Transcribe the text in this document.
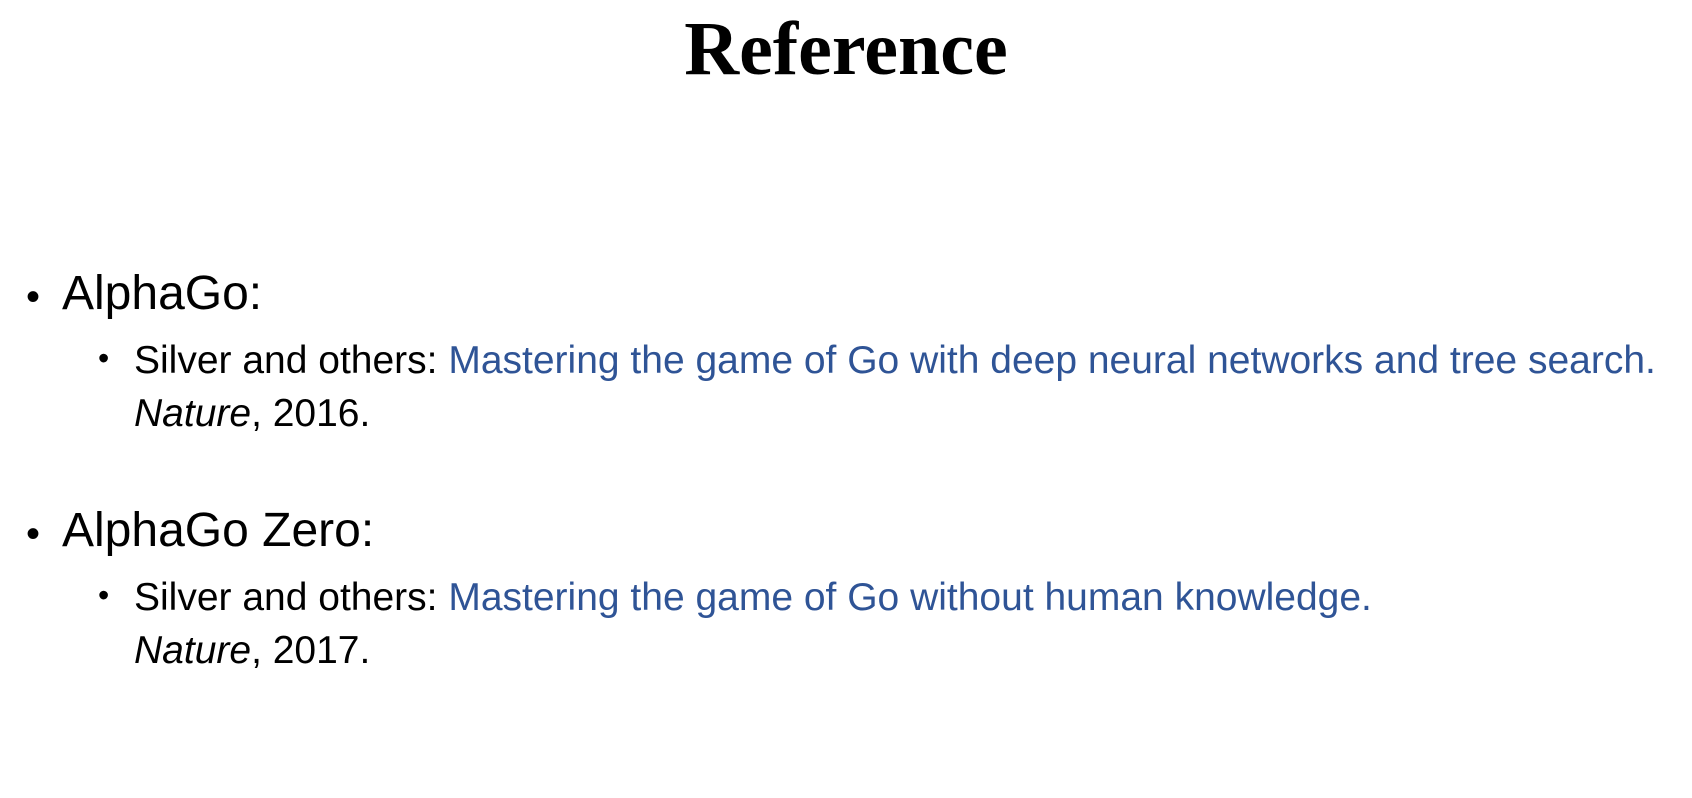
Reference
• AlphaGo:
• Silver and others: Mastering the game of Go with deep neural networks and tree search. Nature, 2016.

• AlphaGo Zero:
• Silver and others: Mastering the game of Go without human knowledge.
Nature, 2017.
